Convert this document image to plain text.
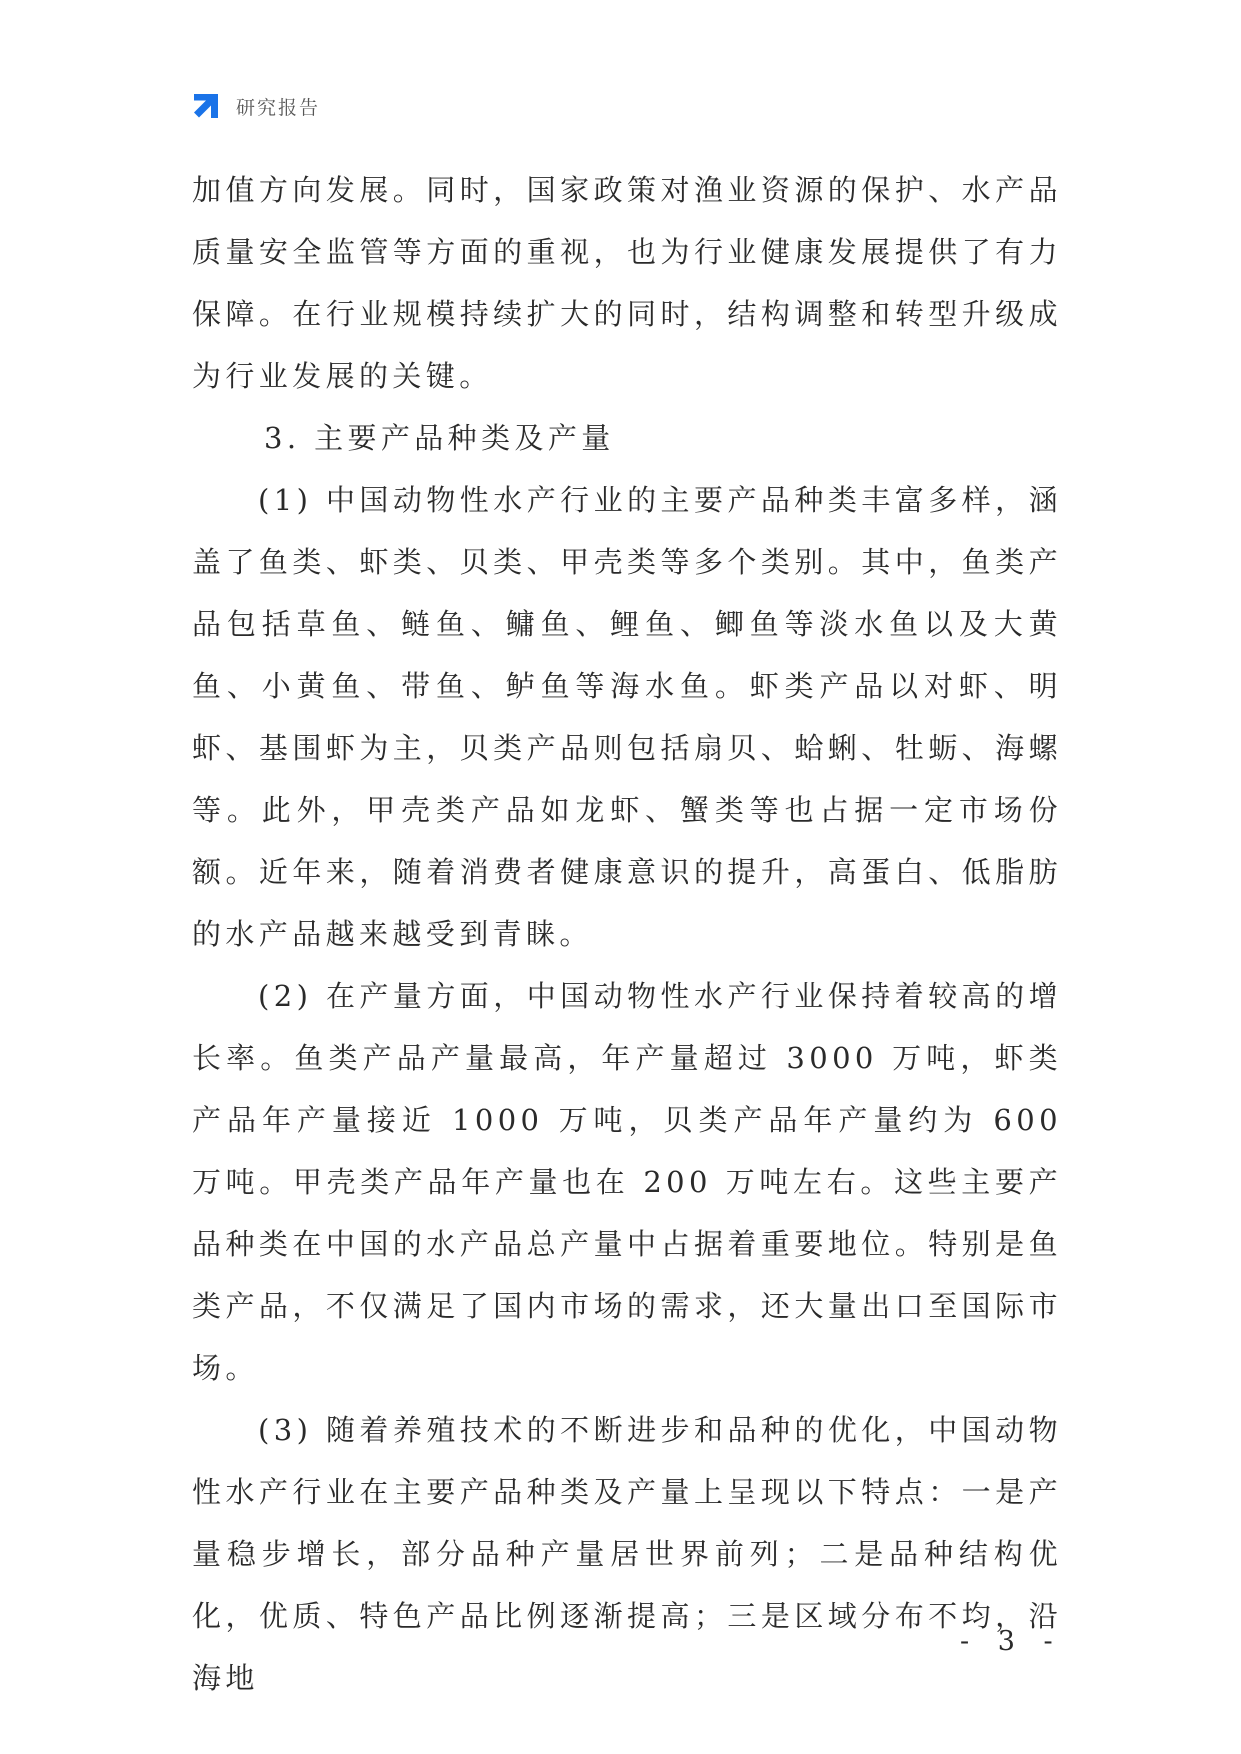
研究报告

加值方向发展。同时，国家政策对渔业资源的保护、水产品质量安全监管等方面的重视，也为行业健康发展提供了有力保障。在行业规模持续扩大的同时，结构调整和转型升级成为行业发展的关键。

3. 主要产品种类及产量

(1) 中国动物性水产行业的主要产品种类丰富多样，涵盖了鱼类、虾类、贝类、甲壳类等多个类别。其中，鱼类产品包括草鱼、鲢鱼、鳙鱼、鲤鱼、鲫鱼等淡水鱼以及大黄鱼、小黄鱼、带鱼、鲈鱼等海水鱼。虾类产品以对虾、明虾、基围虾为主，贝类产品则包括扇贝、蛤蜊、牡蛎、海螺等。此外，甲壳类产品如龙虾、蟹类等也占据一定市场份额。近年来，随着消费者健康意识的提升，高蛋白、低脂肪的水产品越来越受到青睐。

(2) 在产量方面，中国动物性水产行业保持着较高的增长率。鱼类产品产量最高，年产量超过 3000 万吨，虾类产品年产量接近 1000 万吨，贝类产品年产量约为 600 万吨。甲壳类产品年产量也在 200 万吨左右。这些主要产品种类在中国的水产品总产量中占据着重要地位。特别是鱼类产品，不仅满足了国内市场的需求，还大量出口至国际市场。

(3) 随着养殖技术的不断进步和品种的优化，中国动物性水产行业在主要产品种类及产量上呈现以下特点：一是产量稳步增长，部分品种产量居世界前列；二是品种结构优化，优质、特色产品比例逐渐提高；三是区域分布不均，沿海地

- 3 -
